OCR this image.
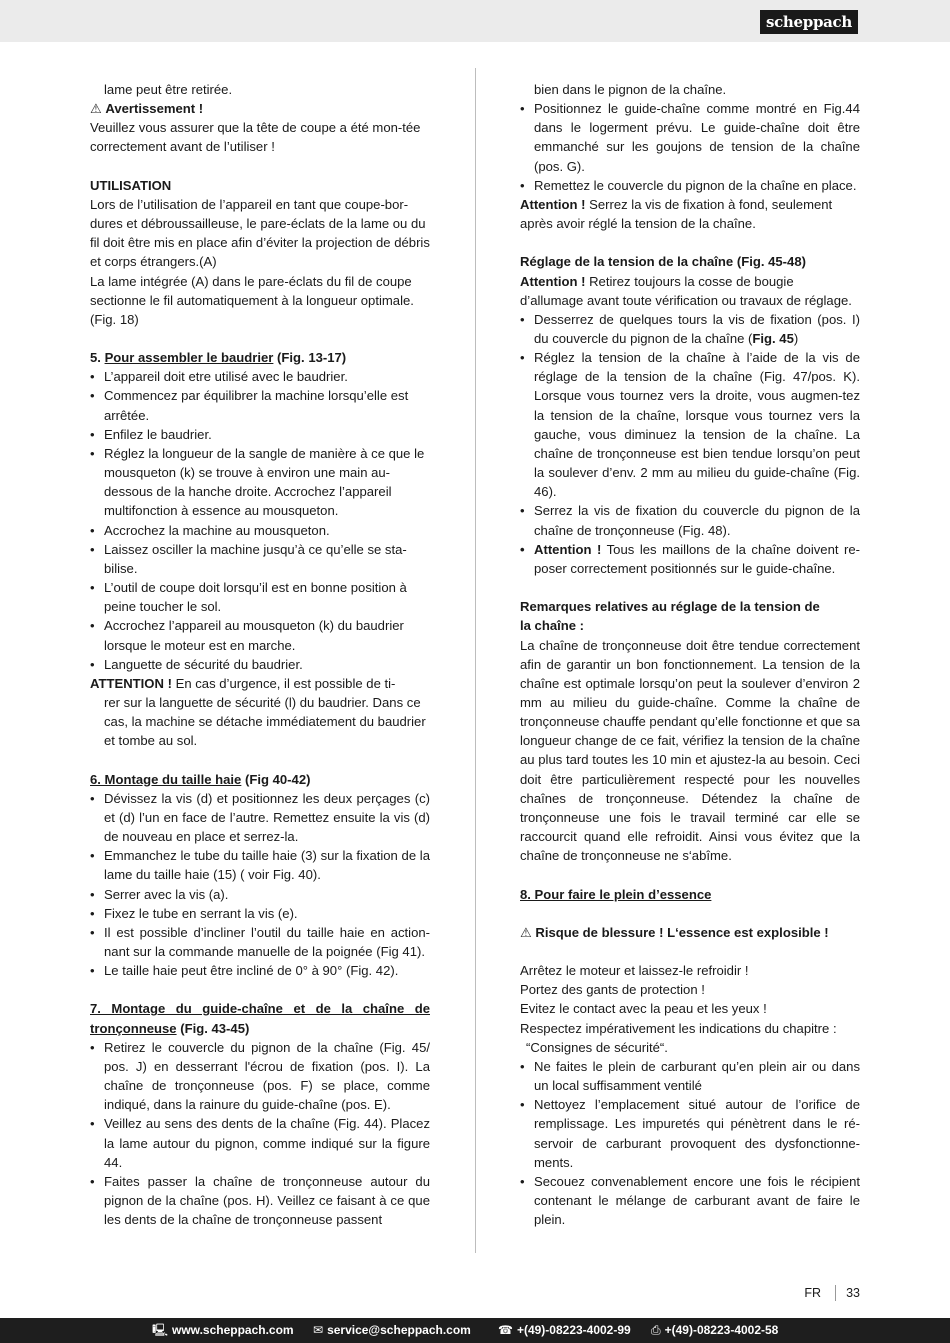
scheppach

lame peut être retirée.

⚠ Avertissement !

Veuillez vous assurer que la tête de coupe a été mon-tée correctement avant de l’utiliser !

UTILISATION

Lors de l’utilisation de l’appareil en tant que coupe-bor-dures et débroussailleuse, le pare-éclats de la lame ou du fil doit être mis en place afin d’éviter la projection de débris et corps étrangers.(A)

La lame intégrée (A) dans le pare-éclats du fil de coupe sectionne le fil automatiquement à la longueur optimale. (Fig. 18)

5. Pour assembler le baudrier (Fig. 13-17)

• L’appareil doit etre utilisé avec le baudrier.
• Commencez par équilibrer la machine lorsqu’elle est arrêtée.
• Enfilez le baudrier.
• Réglez la longueur de la sangle de manière à ce que le mousqueton (k) se trouve à environ une main au-dessous de la hanche droite. Accrochez l’appareil multifonction à essence au mousqueton.
• Accrochez la machine au mousqueton.
• Laissez osciller la machine jusqu’à ce qu’elle se sta-bilise.
• L’outil de coupe doit lorsqu’il est en bonne position à peine toucher le sol.
• Accrochez l’appareil au mousqueton (k) du baudrier lorsque le moteur est en marche.
• Languette de sécurité du baudrier.

ATTENTION ! En cas d’urgence, il est possible de ti-

rer sur la languette de sécurité (l) du baudrier. Dans ce cas, la machine se détache immédiatement du baudrier et tombe au sol.

6. Montage du taille haie (Fig 40-42)

• Dévissez la vis (d) et positionnez les deux perçages (c) et (d) l’un en face de l’autre. Remettez ensuite la vis (d) de nouveau en place et serrez-la.
• Emmanchez le tube du taille haie (3) sur la fixation de la lame du taille haie (15) ( voir Fig. 40).
• Serrer avec la vis (a).
• Fixez le tube en serrant la vis (e).
• Il est possible d’incliner l’outil du taille haie en action-nant sur la commande manuelle de la poignée (Fig 41).
• Le taille haie peut être incliné de 0° à 90° (Fig. 42).

7. Montage du guide-chaîne et de la chaîne de tronçonneuse (Fig. 43-45)

• Retirez le couvercle du pignon de la chaîne (Fig. 45/ pos. J) en desserrant l'écrou de fixation (pos. I). La chaîne de tronçonneuse (pos. F) se place, comme indiqué, dans la rainure du guide-chaîne (pos. E).
• Veillez au sens des dents de la chaîne (Fig. 44). Placez la lame autour du pignon, comme indiqué sur la figure 44.
• Faites passer la chaîne de tronçonneuse autour du pignon de la chaîne (pos. H). Veillez ce faisant à ce que les dents de la chaîne de tronçonneuse passent

bien dans le pignon de la chaîne.

• Positionnez le guide-chaîne comme montré en Fig.44 dans le logerment prévu. Le guide-chaîne doit être emmanché sur les goujons de tension de la chaîne (pos. G).
• Remettez le couvercle du pignon de la chaîne en place.

Attention ! Serrez la vis de fixation à fond, seulement après avoir réglé la tension de la chaîne.

Réglage de la tension de la chaîne (Fig. 45-48)

Attention ! Retirez toujours la cosse de bougie d’allumage avant toute vérification ou travaux de réglage.

• Desserrez de quelques tours la vis de fixation (pos. I) du couvercle du pignon de la chaîne (Fig. 45)
• Réglez la tension de la chaîne à l’aide de la vis de réglage de la tension de la chaîne (Fig. 47/pos. K). Lorsque vous tournez vers la droite, vous augmen-tez la tension de la chaîne, lorsque vous tournez vers la gauche, vous diminuez la tension de la chaîne. La chaîne de tronçonneuse est bien tendue lorsqu’on peut la soulever d’env. 2 mm au milieu du guide-chaîne (Fig. 46).
• Serrez la vis de fixation du couvercle du pignon de la chaîne de tronçonneuse (Fig. 48).
• Attention ! Tous les maillons de la chaîne doivent re-poser correctement positionnés sur le guide-chaîne.

Remarques relatives au réglage de la tension de

la chaîne :

La chaîne de tronçonneuse doit être tendue correctement afin de garantir un bon fonctionnement. La tension de la chaîne est optimale lorsqu’on peut la soulever d’environ 2 mm au milieu du guide-chaîne. Comme la chaîne de tronçonneuse chauffe pendant qu’elle fonctionne et que sa longueur change de ce fait, vérifiez la tension de la chaîne au plus tard toutes les 10 min et ajustez-la au besoin. Ceci doit être particulièrement respecté pour les nouvelles chaînes de tronçonneuse. Détendez la chaîne de tronçonneuse une fois le travail terminé car elle se raccourcit quand elle refroidit. Ainsi vous évitez que la chaîne de tronçonneuse ne s‘abîme.

8. Pour faire le plein d’essence

⚠ Risque de blessure ! L‘essence est explosible !

Arrêtez le moteur et laissez-le refroidir !

Portez des gants de protection !

Evitez le contact avec la peau et les yeux !

Respectez impérativement les indications du chapitre :

“Consignes de sécurité“.

• Ne faites le plein de carburant qu’en plein air ou dans un local suffisamment ventilé
• Nettoyez l’emplacement situé autour de l’orifice de remplissage. Les impuretés qui pénètrent dans le ré-servoir de carburant provoquent des dysfonctionne-ments.
• Secouez convenablement encore une fois le récipient contenant le mélange de carburant avant de faire le plein.
FR 33
🖳 www.scheppach.com ✉ service@scheppach.com ☎ +(49)-08223-4002-99 ⎙ +(49)-08223-4002-58
